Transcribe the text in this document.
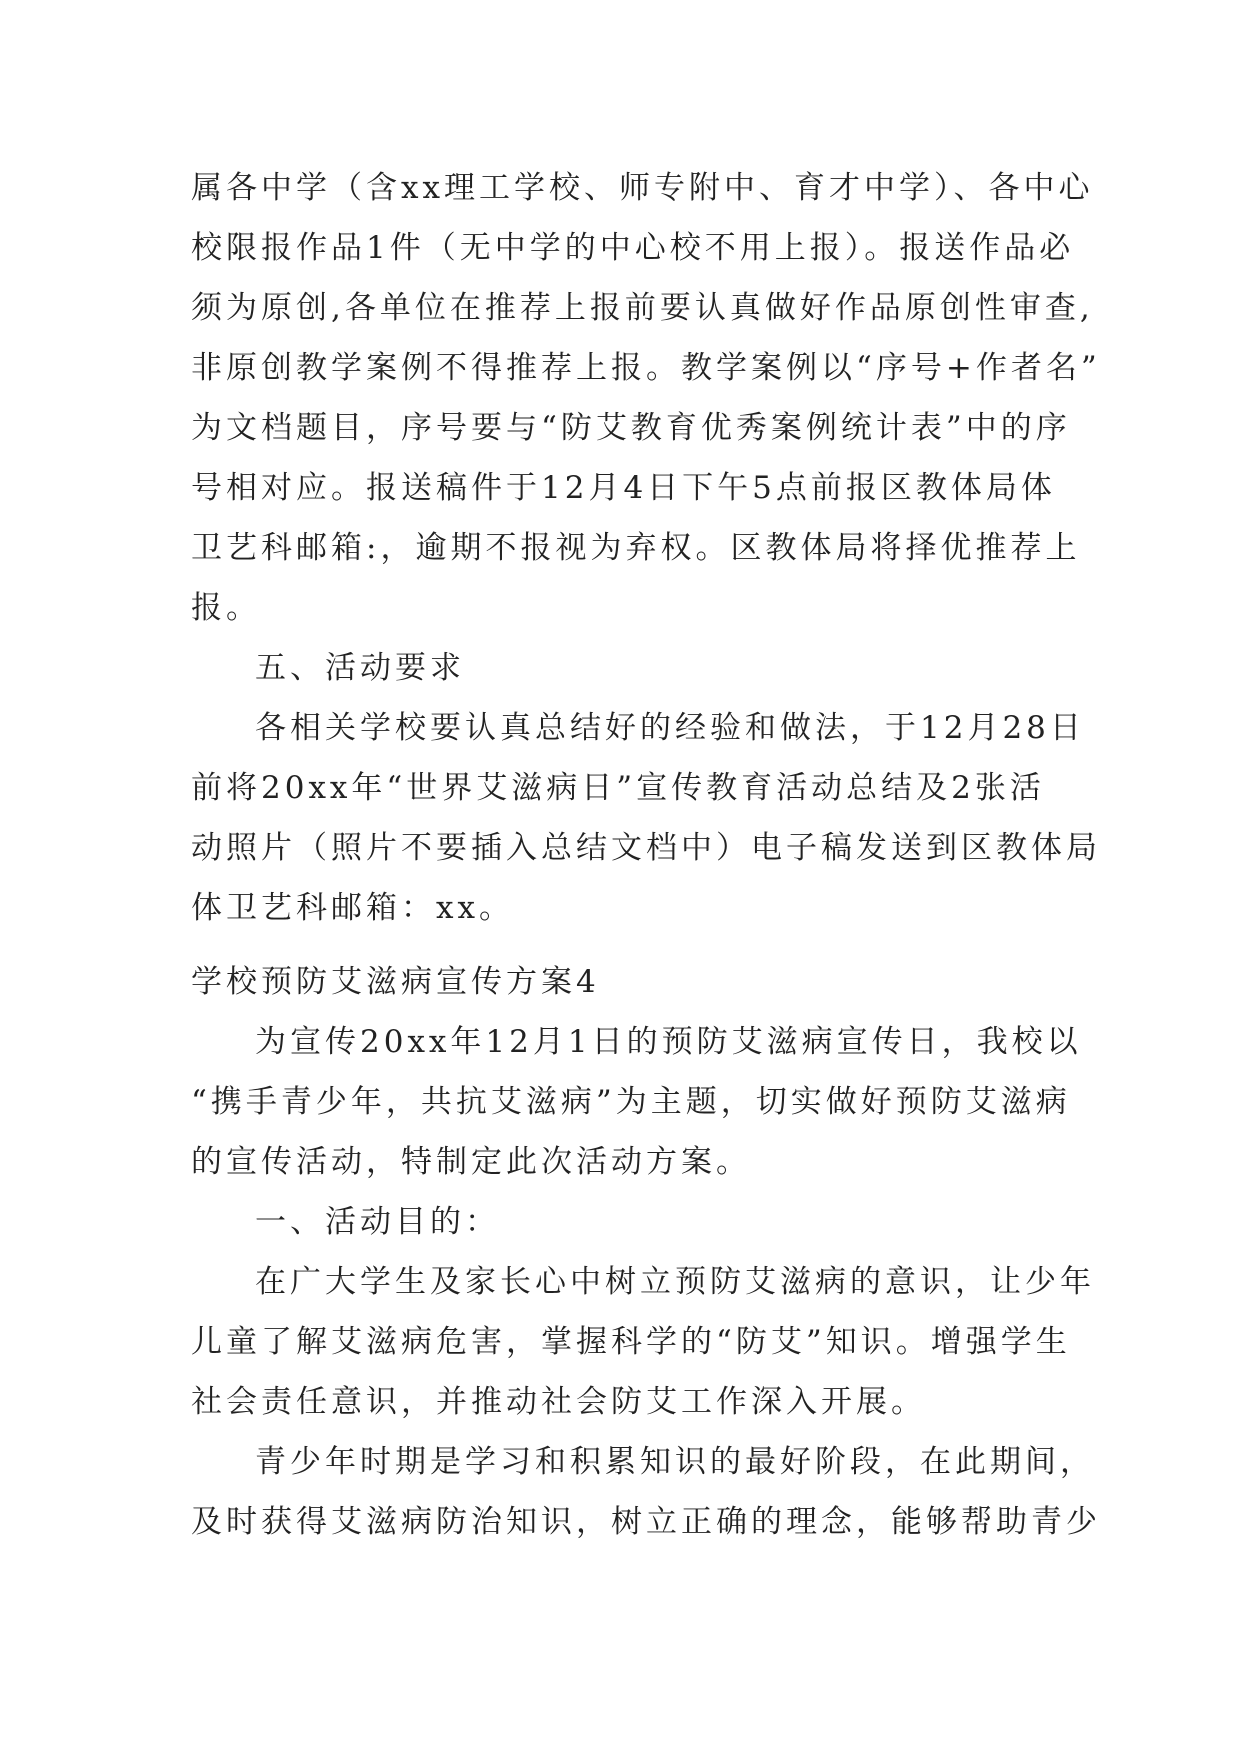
属各中学（含xx理工学校、师专附中、育才中学）、各中心
校限报作品1件（无中学的中心校不用上报）。报送作品必
须为原创,各单位在推荐上报前要认真做好作品原创性审查,
非原创教学案例不得推荐上报。教学案例以“序号+作者名”
为文档题目，序号要与“防艾教育优秀案例统计表”中的序
号相对应。报送稿件于12月4日下午5点前报区教体局体
卫艺科邮箱:，逾期不报视为弃权。区教体局将择优推荐上
报。
五、活动要求
各相关学校要认真总结好的经验和做法，于12月28日
前将20xx年“世界艾滋病日”宣传教育活动总结及2张活
动照片（照片不要插入总结文档中）电子稿发送到区教体局
体卫艺科邮箱：xx。
学校预防艾滋病宣传方案4
为宣传20xx年12月1日的预防艾滋病宣传日，我校以
“携手青少年，共抗艾滋病”为主题，切实做好预防艾滋病
的宣传活动，特制定此次活动方案。
一、活动目的：
在广大学生及家长心中树立预防艾滋病的意识，让少年
儿童了解艾滋病危害，掌握科学的“防艾”知识。增强学生
社会责任意识，并推动社会防艾工作深入开展。
青少年时期是学习和积累知识的最好阶段，在此期间，
及时获得艾滋病防治知识，树立正确的理念，能够帮助青少
